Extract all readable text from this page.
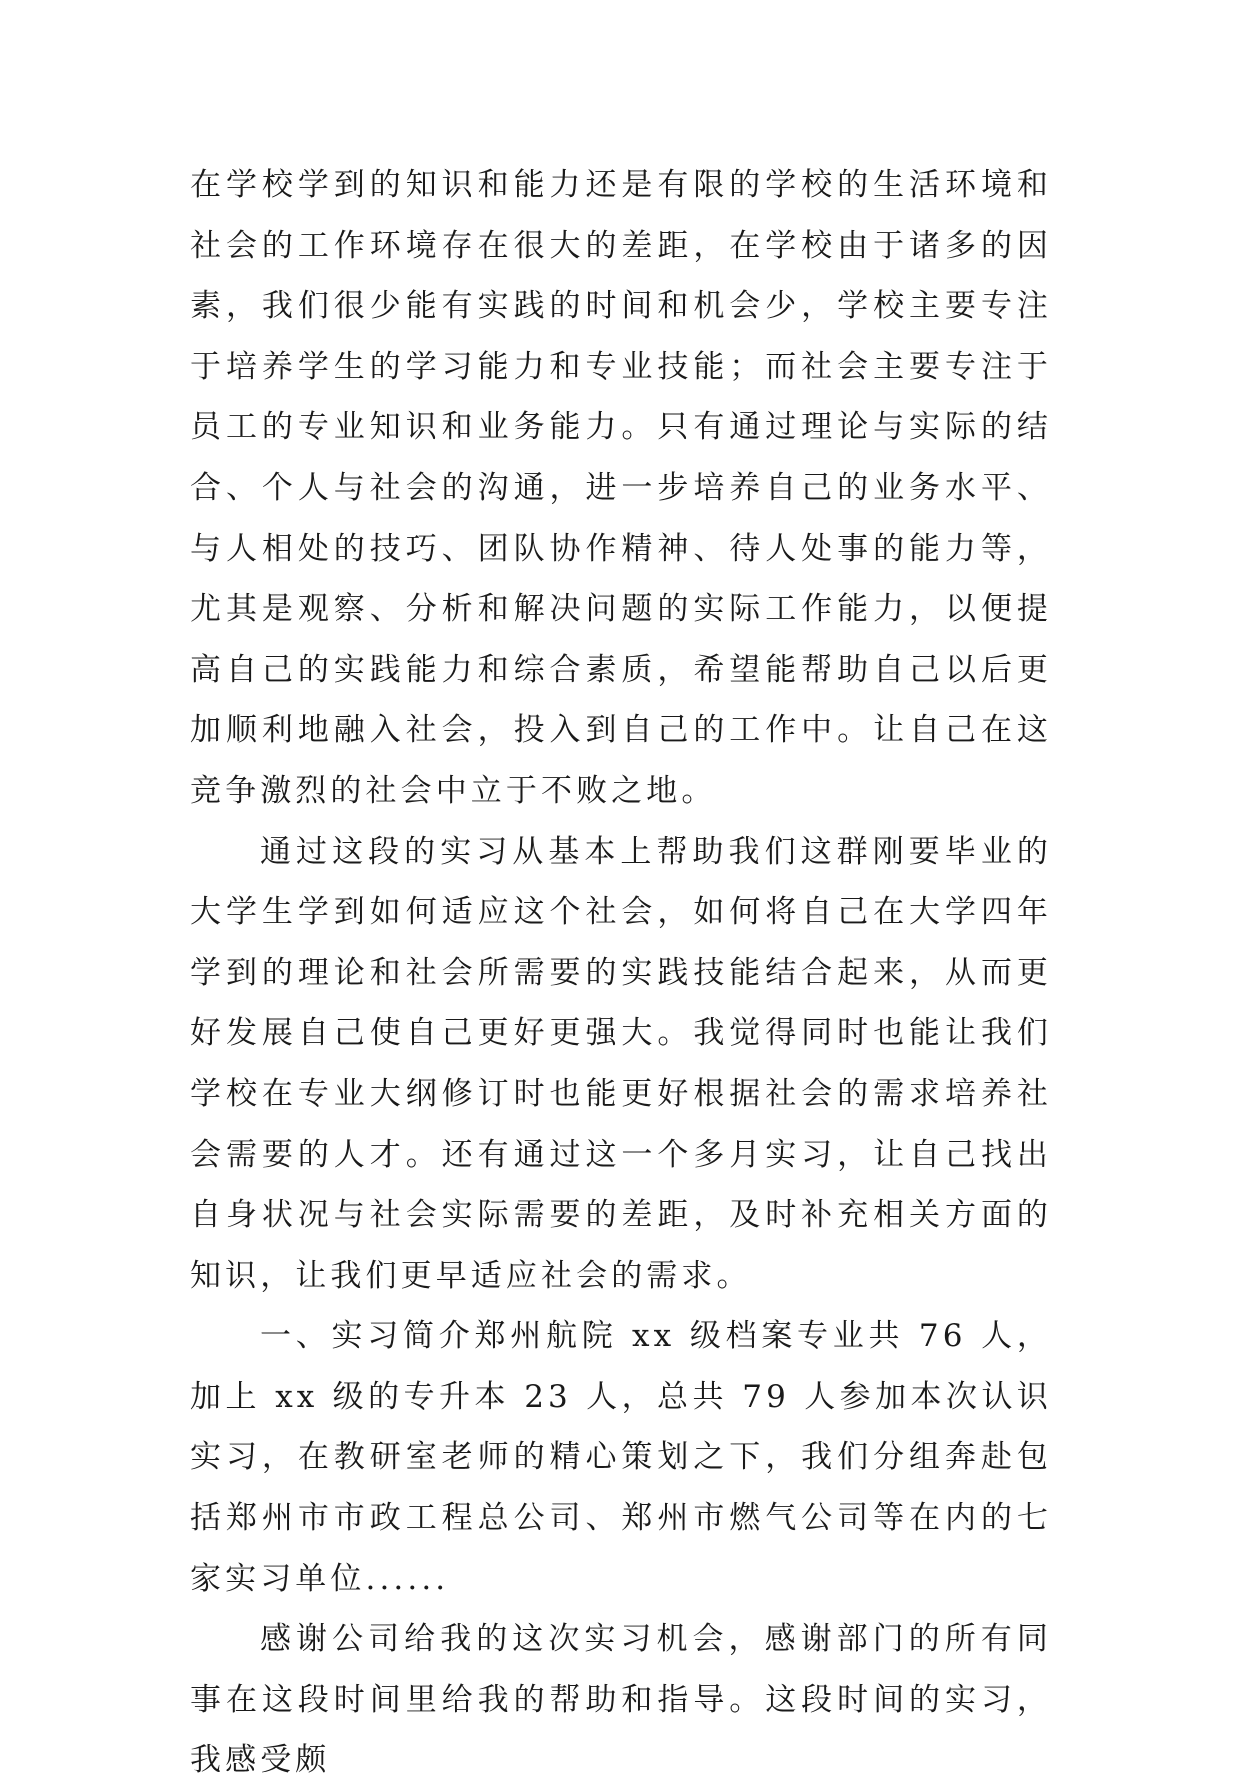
在学校学到的知识和能力还是有限的学校的生活环境和社会的工作环境存在很大的差距，在学校由于诸多的因素，我们很少能有实践的时间和机会少，学校主要专注于培养学生的学习能力和专业技能；而社会主要专注于员工的专业知识和业务能力。只有通过理论与实际的结合、个人与社会的沟通，进一步培养自己的业务水平、与人相处的技巧、团队协作精神、待人处事的能力等，尤其是观察、分析和解决问题的实际工作能力，以便提高自己的实践能力和综合素质，希望能帮助自己以后更加顺利地融入社会，投入到自己的工作中。让自己在这竞争激烈的社会中立于不败之地。

通过这段的实习从基本上帮助我们这群刚要毕业的大学生学到如何适应这个社会，如何将自己在大学四年学到的理论和社会所需要的实践技能结合起来，从而更好发展自己使自己更好更强大。我觉得同时也能让我们学校在专业大纲修订时也能更好根据社会的需求培养社会需要的人才。还有通过这一个多月实习，让自己找出自身状况与社会实际需要的差距，及时补充相关方面的知识，让我们更早适应社会的需求。

一、实习简介郑州航院 xx 级档案专业共 76 人，加上 xx 级的专升本 23 人，总共 79 人参加本次认识实习，在教研室老师的精心策划之下，我们分组奔赴包括郑州市市政工程总公司、郑州市燃气公司等在内的七家实习单位......

感谢公司给我的这次实习机会，感谢部门的所有同事在这段时间里给我的帮助和指导。这段时间的实习，我感受颇
